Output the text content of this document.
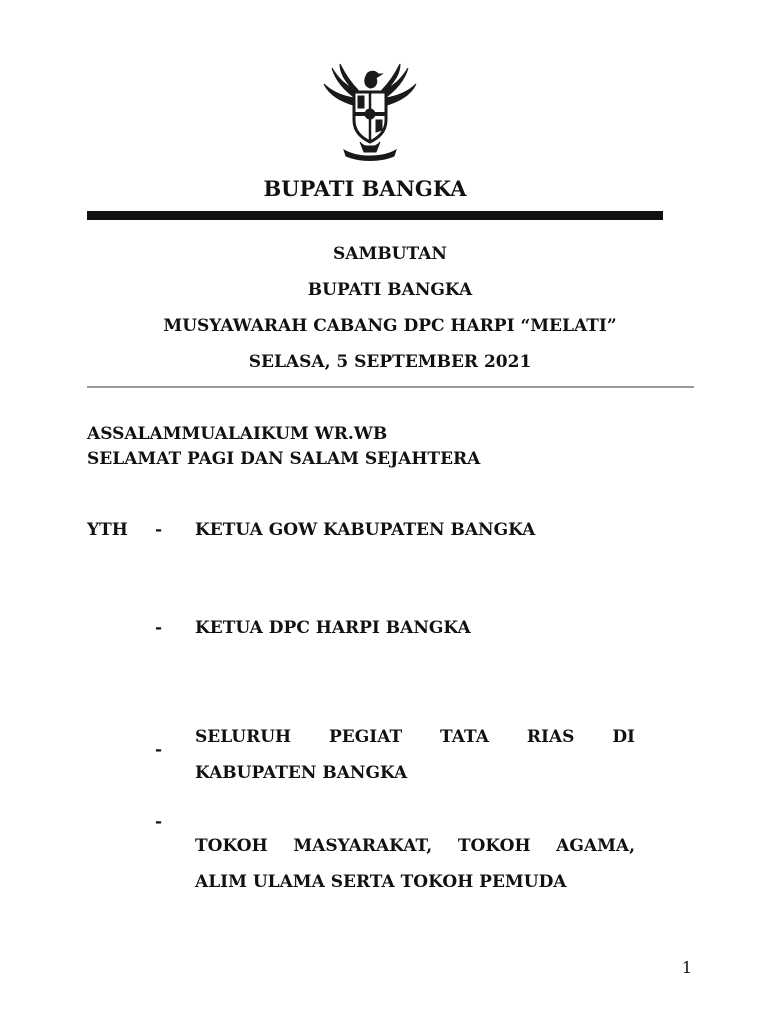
BUPATI BANGKA
SAMBUTAN
BUPATI BANGKA
MUSYAWARAH CABANG DPC HARPI “MELATI”
SELASA, 5 SEPTEMBER 2021
ASSALAMMUALAIKUM WR.WB
SELAMAT PAGI DAN SALAM SEJAHTERA
YTH - KETUA GOW KABUPATEN BANGKA
- KETUA DPC HARPI BANGKA
-
SELURUH PEGIAT TATA RIAS DI
KABUPATEN BANGKA
-
TOKOH MASYARAKAT, TOKOH AGAMA,
ALIM ULAMA SERTA TOKOH PEMUDA
1
